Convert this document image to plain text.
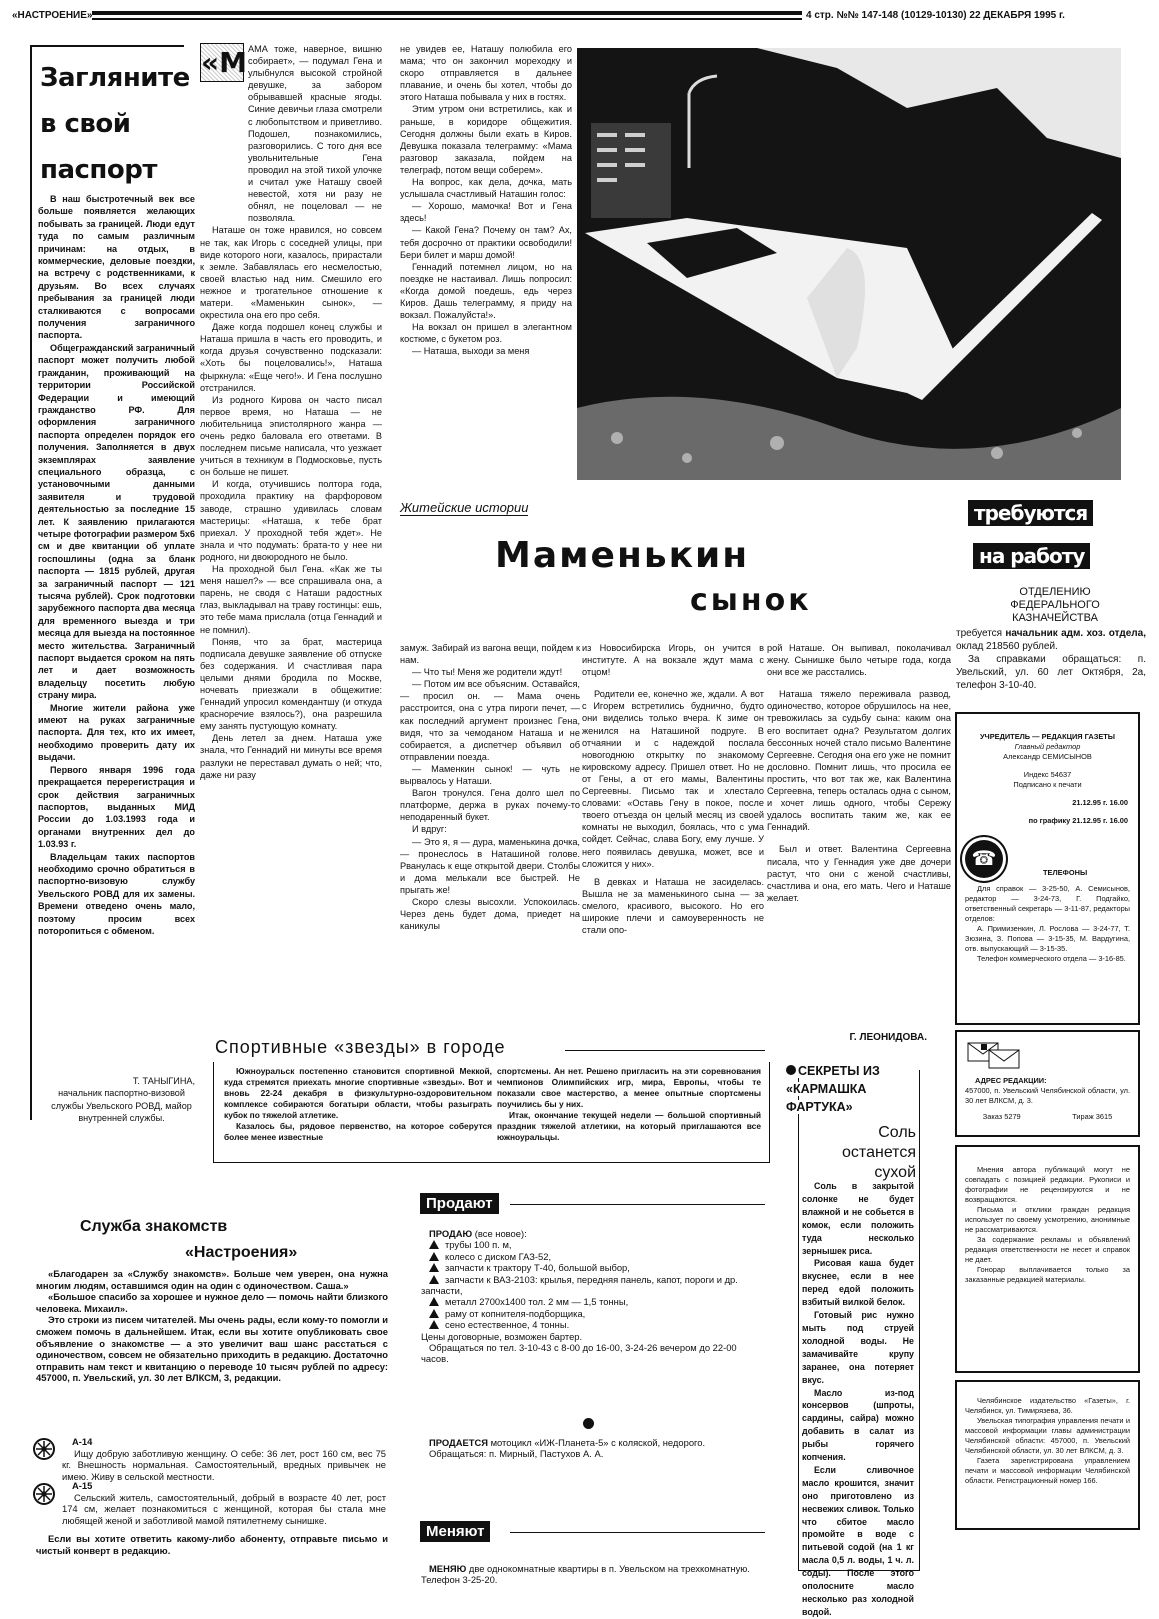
«НАСТРОЕНИЕ»	4 стр. №№ 147-148 (10129-10130) 22 ДЕКАБРЯ 1995 г.
Загляните
в свой
паспорт

В наш быстротечный век все больше появляется желающих побывать за границей. Люди едут туда по самым различным причинам: на отдых, в коммерческие, деловые поездки, на встречу с родственниками, к друзьям. Во всех случаях пребывания за границей люди сталкиваются с вопросами получения заграничного паспорта.

Общегражданский заграничный паспорт может получить любой гражданин, проживающий на территории Российской Федерации и имеющий гражданство РФ. Для оформления заграничного паспорта определен порядок его получения. Заполняется в двух экземплярах заявление специального образца, с установочными данными заявителя и трудовой деятельностью за последние 15 лет. К заявлению прилагаются четыре фотографии размером 5х6 см и две квитанции об уплате госпошлины (одна за бланк паспорта — 1815 рублей, другая за заграничный паспорт — 121 тысяча рублей). Срок подготовки зарубежного паспорта два месяца для временного выезда и три месяца для выезда на постоянное место жительства. Заграничный паспорт выдается сроком на пять лет и дает возможность владельцу посетить любую страну мира.

Многие жители района уже имеют на руках заграничные паспорта. Для тех, кто их имеет, необходимо проверить дату их выдачи.

Первого января 1996 года прекращается перерегистрация и срок действия заграничных паспортов, выданных МИД России до 1.03.1993 года и органами внутренних дел до 1.03.93 г.

Владельцам таких паспортов необходимо срочно обратиться в паспортно-визовую службу Увельского РОВД для их замены. Времени отведено очень мало, поэтому просим всех поторопиться с обменом.

Т. ТАНЫГИНА,
начальник паспортно-визовой службы Увельского РОВД, майор внутренней службы.
«М АМА тоже, наверное, вишню собирает», — подумал Гена и улыбнулся высокой стройной девушке, за забором обрывавшей красные ягоды. Синие девичьи глаза смотрели с любопытством и приветливо. Подошел, познакомились, разговорились. С того дня все увольнительные Гена проводил на этой тихой улочке и считал уже Наташу своей невестой, хотя ни разу не обнял, не поцеловал — не позволяла.

Наташе он тоже нравился, но совсем не так, как Игорь с соседней улицы, при виде которого ноги, казалось, прирастали к земле. Забавлялась его несмелостью, своей властью над ним. Смешило его нежное и трогательное отношение к матери. «Маменькин сынок», — окрестила она его про себя.

Даже когда подошел конец службы и Наташа пришла в часть его проводить, и когда друзья сочувственно подсказали: «Хоть бы поцеловались!», Наташа фыркнула: «Еще чего!». И Гена послушно отстранился.

Из родного Кирова он часто писал первое время, но Наташа — не любительница эпистолярного жанра — очень редко баловала его ответами. В последнем письме написала, что уезжает учиться в техникум в Подмосковье, пусть он больше не пишет.

И когда, отучившись полтора года, проходила практику на фарфоровом заводе, страшно удивилась словам мастерицы: «Наташа, к тебе брат приехал. У проходной тебя ждет». Не знала и что подумать: брата-то у нее ни родного, ни двоюродного не было.

На проходной был Гена. «Как же ты меня нашел?» — все спрашивала она, а парень, не сводя с Наташи радостных глаз, выкладывал на траву гостинцы: ешь, это тебе мама прислала (отца Геннадий и не помнил).

Поняв, что за брат, мастерица подписала девушке заявление об отпуске без содержания. И счастливая пара целыми днями бродила по Москве, ночевать приезжали в общежитие: Геннадий упросил комендантшу (и откуда красноречие взялось?), она разрешила ему занять пустующую комнату.

День летел за днем. Наташа уже знала, что Геннадий ни минуты все время разлуки не переставал думать о ней; что, даже ни разу

не увидев ее, Наташу полюбила его мама; что он закончил мореходку и скоро отправляется в дальнее плавание, и очень бы хотел, чтобы до этого Наташа побывала у них в гостях.

Этим утром они встретились, как и раньше, в коридоре общежития. Сегодня должны были ехать в Киров. Девушка показала телеграмму: «Мама разговор заказала, пойдем на телеграф, потом вещи соберем».

На вопрос, как дела, дочка, мать услышала счастливый Наташин голос:

— Хорошо, мамочка! Вот и Гена здесь!

— Какой Гена? Почему он там? Ах, тебя досрочно от практики освободили! Бери билет и марш домой!

Геннадий потемнел лицом, но на поездке не настаивал. Лишь попросил: «Когда домой поедешь, едь через Киров. Дашь телеграмму, я приду на вокзал. Пожалуйста!».

На вокзал он пришел в элегантном костюме, с букетом роз.

— Наташа, выходи за меня

Житейские истории
Маменькин
сынок

замуж. Забирай из вагона вещи, пойдем к нам.

— Что ты! Меня же родители ждут!

— Потом им все объясним. Оставайся, — просил он. — Мама очень расстроится, она с утра пироги печет, — как последний аргумент произнес Гена, видя, что за чемоданом Наташа и не собирается, а диспетчер объявил об отправлении поезда.

— Маменкин сынок! — чуть не вырвалось у Наташи.

Вагон тронулся. Гена долго шел по платформе, держа в руках почему-то неподаренный букет.

И вдруг:

— Это я, я — дура, маменькина дочка, — пронеслось в Наташиной голове. Рванулась к еще открытой двери. Столбы и дома мелькали все быстрей. Не прыгать же!

Скоро слезы высохли. Успокоилась. Через день будет дома, приедет на каникулы

из Новосибирска Игорь, он учится в институте. А на вокзале ждут мама с отцом!

Родители ее, конечно же, ждали. А вот с Игорем встретились буднично, будто они виделись только вчера. К зиме он женился на Наташиной подруге. В отчаянии и с надеждой послала новогоднюю открытку по знакомому кировскому адресу. Пришел ответ. Но не от Гены, а от его мамы, Валентины Сергеевны. Письмо так и хлестало словами: «Оставь Гену в покое, после твоего отъезда он целый месяц из своей комнаты не выходил, боялась, что с ума сойдет. Сейчас, слава Богу, ему лучше. У него появилась девушка, может, все и сложится у них».

В девках и Наташа не засиделась. Вышла не за маменькиного сына — за смелого, красивого, высокого. Но его широкие плечи и самоуверенность не стали опо-

рой Наташе. Он выпивал, поколачивал жену. Сынишке было четыре года, когда они все же расстались.

Наташа тяжело переживала развод, одиночество, которое обрушилось на нее, тревожилась за судьбу сына: каким она его воспитает одна? Результатом долгих бессонных ночей стало письмо Валентине Сергеевне. Сегодня она его уже не помнит дословно. Помнит лишь, что просила ее простить, что вот так же, как Валентина Сергеевна, теперь осталась одна с сыном, и хочет лишь одного, чтобы Сережу удалось воспитать таким же, как ее Геннадий.

Был и ответ. Валентина Сергеевна писала, что у Геннадия уже две дочери растут, что они с женой счастливы, счастлива и она, его мать. Чего и Наташе желает.

Г. ЛЕОНИДОВА.
требуются
на работу
ОТДЕЛЕНИЮ ФЕДЕРАЛЬНОГО КАЗНАЧЕЙСТВА

требуется начальник адм. хоз. отдела, оклад 218560 рублей.

За справками обращаться: п. Увельский, ул. 60 лет Октября, 2а, телефон 3-10-40.

УЧРЕДИТЕЛЬ — РЕДАКЦИЯ ГАЗЕТЫ
Главный редактор
Александр СЕМИСЫНОВ
Индекс 54637
Подписано к печати
21.12.95 г. 16.00
по графику 21.12.95 г. 16.00
☎
ТЕЛЕФОНЫ

Для справок — 3-25-50, А. Семисынов, редактор — 3-24-73, Г. Подгайко, ответственный секретарь — 3-11-87, редакторы отделов:

А. Примизенкин, Л. Рослова — 3-24-77, Т. Зюзина, З. Попова — 3-15-35, М. Вардугина, отв. выпускающий — 3-15-35.

Телефон коммерческого отдела — 3-16-85.

АДРЕС РЕДАКЦИИ:
457000, п. Увельский Челябинской области, ул. 30 лет ВЛКСМ, д. 3.
Заказ 5279	Тираж 3615

Мнения автора публикаций могут не совпадать с позицией редакции. Рукописи и фотографии не рецензируются и не возвращаются.

Письма и отклики граждан редакция использует по своему усмотрению, анонимные не рассматриваются.

За содержание рекламы и объявлений редакция ответственности не несет и справок не дает.

Гонорар выплачивается только за заказанные редакцией материалы.

Челябинское издательство «Газеты», г. Челябинск, ул. Тимирязева, 36.

Увельская типография управления печати и массовой информации главы администрации Челябинской области: 457000, п. Увельский Челябинской области, ул. 30 лет ВЛКСМ, д. 3.

Газета зарегистрирована управлением печати и массовой информации Челябинской области. Регистрационный номер 166.

Спортивные «звезды» в городе

Южноуральск постепенно становится спортивной Меккой, куда стремятся приехать многие спортивные «звезды». Вот и вновь 22-24 декабря в физкультурно-оздоровительном комплексе собираются богатыри области, чтобы разыграть кубок по тяжелой атлетике.

Казалось бы, рядовое первенство, на которое соберутся более менее известные

спортсмены. Ан нет. Решено пригласить на эти соревнования чемпионов Олимпийских игр, мира, Европы, чтобы те показали свое мастерство, а менее опытные спортсмены поучились бы у них.

Итак, окончание текущей недели — большой спортивный праздник тяжелой атлетики, на который приглашаются все южноуральцы.

СЕКРЕТЫ ИЗ «КАРМАШКА ФАРТУКА»
Соль останется сухой

Соль в закрытой солонке не будет влажной и не собьется в комок, если положить туда несколько зернышек риса.

Рисовая каша будет вкуснее, если в нее перед едой положить взбитый вилкой белок.

Готовый рис нужно мыть под струей холодной воды. Не замачивайте крупу заранее, она потеряет вкус.

Масло из-под консервов (шпроты, сардины, сайра) можно добавить в салат из рыбы горячего копчения.

Если сливочное масло крошится, значит оно приготовлено из несвежих сливок. Только что сбитое масло промойте в воде с питьевой содой (на 1 кг масла 0,5 л. воды, 1 ч. л. соды). После этого ополосните масло несколько раз холодной водой.

Служба знакомств
«Настроения»

«Благодарен за «Службу знакомств». Больше чем уверен, она нужна многим людям, оставшимся один на один с одиночеством. Саша.»

«Большое спасибо за хорошее и нужное дело — помочь найти близкого человека. Михаил».

Это строки из писем читателей. Мы очень рады, если кому-то помогли и сможем помочь в дальнейшем. Итак, если вы хотите опубликовать свое объявление о знакомстве — а это увеличит ваш шанс расстаться с одиночеством, совсем не обязательно приходить в редакцию. Достаточно отправить нам текст и квитанцию о переводе 10 тысяч рублей по адресу: 457000, п. Увельский, ул. 30 лет ВЛКСМ, 3, редакции.

А-14

Ищу добрую заботливую женщину. О себе: 36 лет, рост 160 см, вес 75 кг. Внешность нормальная. Самостоятельный, вредных привычек не имею. Живу в сельской местности.

А-15

Сельский житель, самостоятельный, добрый в возрасте 40 лет, рост 174 см, желает познакомиться с женщиной, которая бы стала мне любящей женой и заботливой мамой пятилетнему сынишке.

Если вы хотите ответить какому-либо абоненту, отправьте письмо и чистый конверт в редакцию.

Продают
ПРОДАЮ (все новое):
трубы 100 п. м,
колесо с диском ГАЗ-52,
запчасти к трактору Т-40, большой выбор,
запчасти к ВАЗ-2103: крылья, передняя панель, капот, пороги и др. запчасти,
металл 2700х1400 тол. 2 мм — 1,5 тонны,
раму от копнителя-подборщика,
сено естественное, 4 тонны.
Цены договорные, возможен бартер.
Обращаться по тел. 3-10-43 с 8-00 до 16-00, 3-24-26 вечером до 22-00 часов.
ПРОДАЕТСЯ мотоцикл «ИЖ-Планета-5» с коляской, недорого.
Обращаться: п. Мирный, Пастухов А. А.
Меняют
МЕНЯЮ две однокомнатные квартиры в п. Увельском на трехкомнатную. Телефон 3-25-20.
